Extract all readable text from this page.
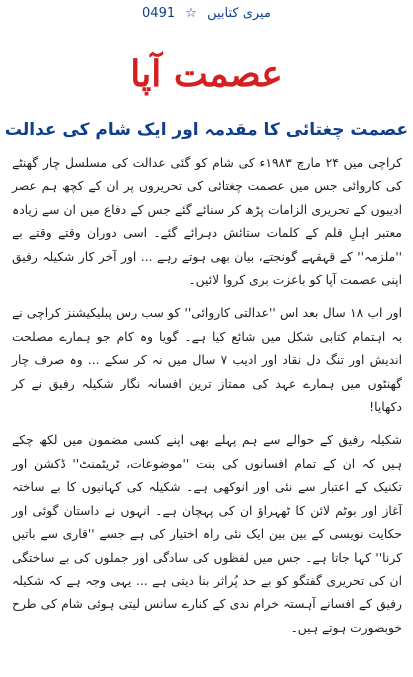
میری کتابیں ☆ 0491
عصمت آپا
عصمت چغتائی کا مقدمہ اور ایک شام کی عدالت

کراچی میں ۲۴ مارچ ۱۹۸۳ء کی شام کو گئی عدالت کی مسلسل چار گھنٹے کی کاروائی جس میں عصمت چغتائی کی تحریروں پر ان کے کچھ ہم عصر ادیبوں کے تحریری الزامات پڑھ کر سنائے گئے جس کے دفاع میں ان سے زیادہ معتبر اہلِ قلم کے کلمات ستائش دہرائے گئے۔ اسی دوران وقتے وقتے بے ''ملزمہ'' کے قہقہے گونجتے، بیان بھی ہوتے رہے ... اور آخر کار شکیلہ رفیق اپنی عصمت آپا کو باعزت بری کروا لائیں۔

اور اب ۱۸ سال بعد اس ''عدالتی کاروائی'' کو سب رس پبلیکیشنز کراچی نے بہ اہتمام کتابی شکل میں شائع کیا ہے۔ گویا وہ کام جو ہمارے مصلحت اندیش اور تنگ دل نقاد اور ادیب ۷ سال میں نہ کر سکے ... وہ صرف چار گھنٹوں میں ہمارے عہد کی ممتاز ترین افسانہ نگار شکیلہ رفیق نے کر دکھایا!

شکیلہ رفیق کے حوالے سے ہم پہلے بھی اپنے کسی مضمون میں لکھ چکے ہیں کہ ان کے تمام افسانوں کی بنت ''موضوعات، ٹریٹمنٹ'' ڈکشن اور تکنیک کے اعتبار سے نئی اور انوکھی ہے۔ شکیلہ کی کہانیوں کا بے ساختہ آغاز اور بوٹم لائن کا ٹھہراؤ ان کی پہچان ہے۔ انہوں نے داستان گوئی اور حکایت نویسی کے بین بین ایک نئی راہ اختیار کی ہے جسے ''قاری سے باتیں کرنا'' کہا جاتا ہے۔ جس میں لفظوں کی سادگی اور جملوں کی بے ساختگی ان کی تحریری گفتگو کو بے حد پُراثر بنا دیتی ہے ... یہی وجہ ہے کہ شکیلہ رفیق کے افسانے آہستہ خرام ندی کے کنارے سانس لیتی ہوئی شام کی طرح خوبصورت ہوتے ہیں۔
